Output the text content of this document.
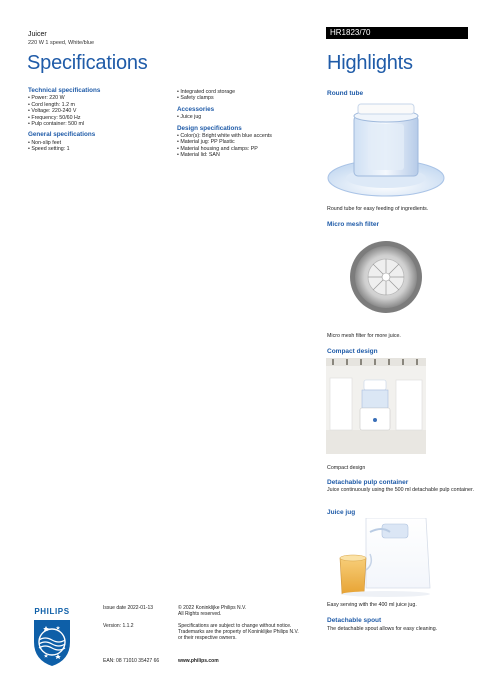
Juicer
220 W 1 speed, White/blue
Specifications
HR1823/70
Highlights
Technical specifications
• Power: 220 W
• Cord length: 1.2 m
• Voltage: 220-240 V
• Frequency: 50/60 Hz
• Pulp container: 500 ml
General specifications
• Non-slip feet
• Speed setting: 1
• Integrated cord storage
• Safety clamps
Accessories
• Juice jug
Design specifications
• Color(s): Bright white with blue accents
• Material jug: PP Plastic
• Material housing and clamps: PP
• Material lid: SAN
Round tube
Round tube for easy feeding of ingredients.
Micro mesh filter
Micro mesh filter for more juice.
Compact design
Compact design
Detachable pulp container
Juice continuously using the 500 ml detachable pulp container.
Juice jug
Easy serving with the 400 ml juice jug.
Detachable spout
The detachable spout allows for easy cleaning.
PHILIPS	Issue date 2022-01-13
Version: 1.1.2
EAN: 08 71010 35427 66
© 2022 Koninklijke Philips N.V.
All Rights reserved.
Specifications are subject to change without notice.
Trademarks are the property of Koninklijke Philips N.V.
or their respective owners.
www.philips.com
